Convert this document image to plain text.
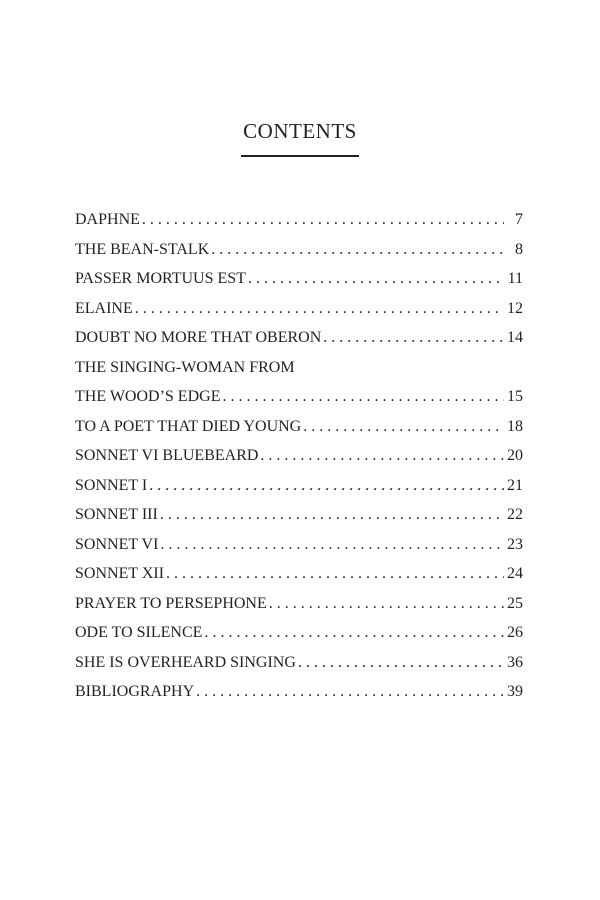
CONTENTS
DAPHNE . . .	7
THE BEAN-STALK . . .	8
PASSER MORTUUS EST . . .	11
ELAINE . . .	12
DOUBT NO MORE THAT OBERON . . .	14
THE SINGING-WOMAN FROM
THE WOOD’S EDGE . . .	15
TO A POET THAT DIED YOUNG . . .	18
SONNET VI BLUEBEARD . . .	20
SONNET I . . .	21
SONNET III . . .	22
SONNET VI . . .	23
SONNET XII . . .	24
PRAYER TO PERSEPHONE . . .	25
ODE TO SILENCE . . .	26
SHE IS OVERHEARD SINGING . . .	36
BIBLIOGRAPHY . . .	39
